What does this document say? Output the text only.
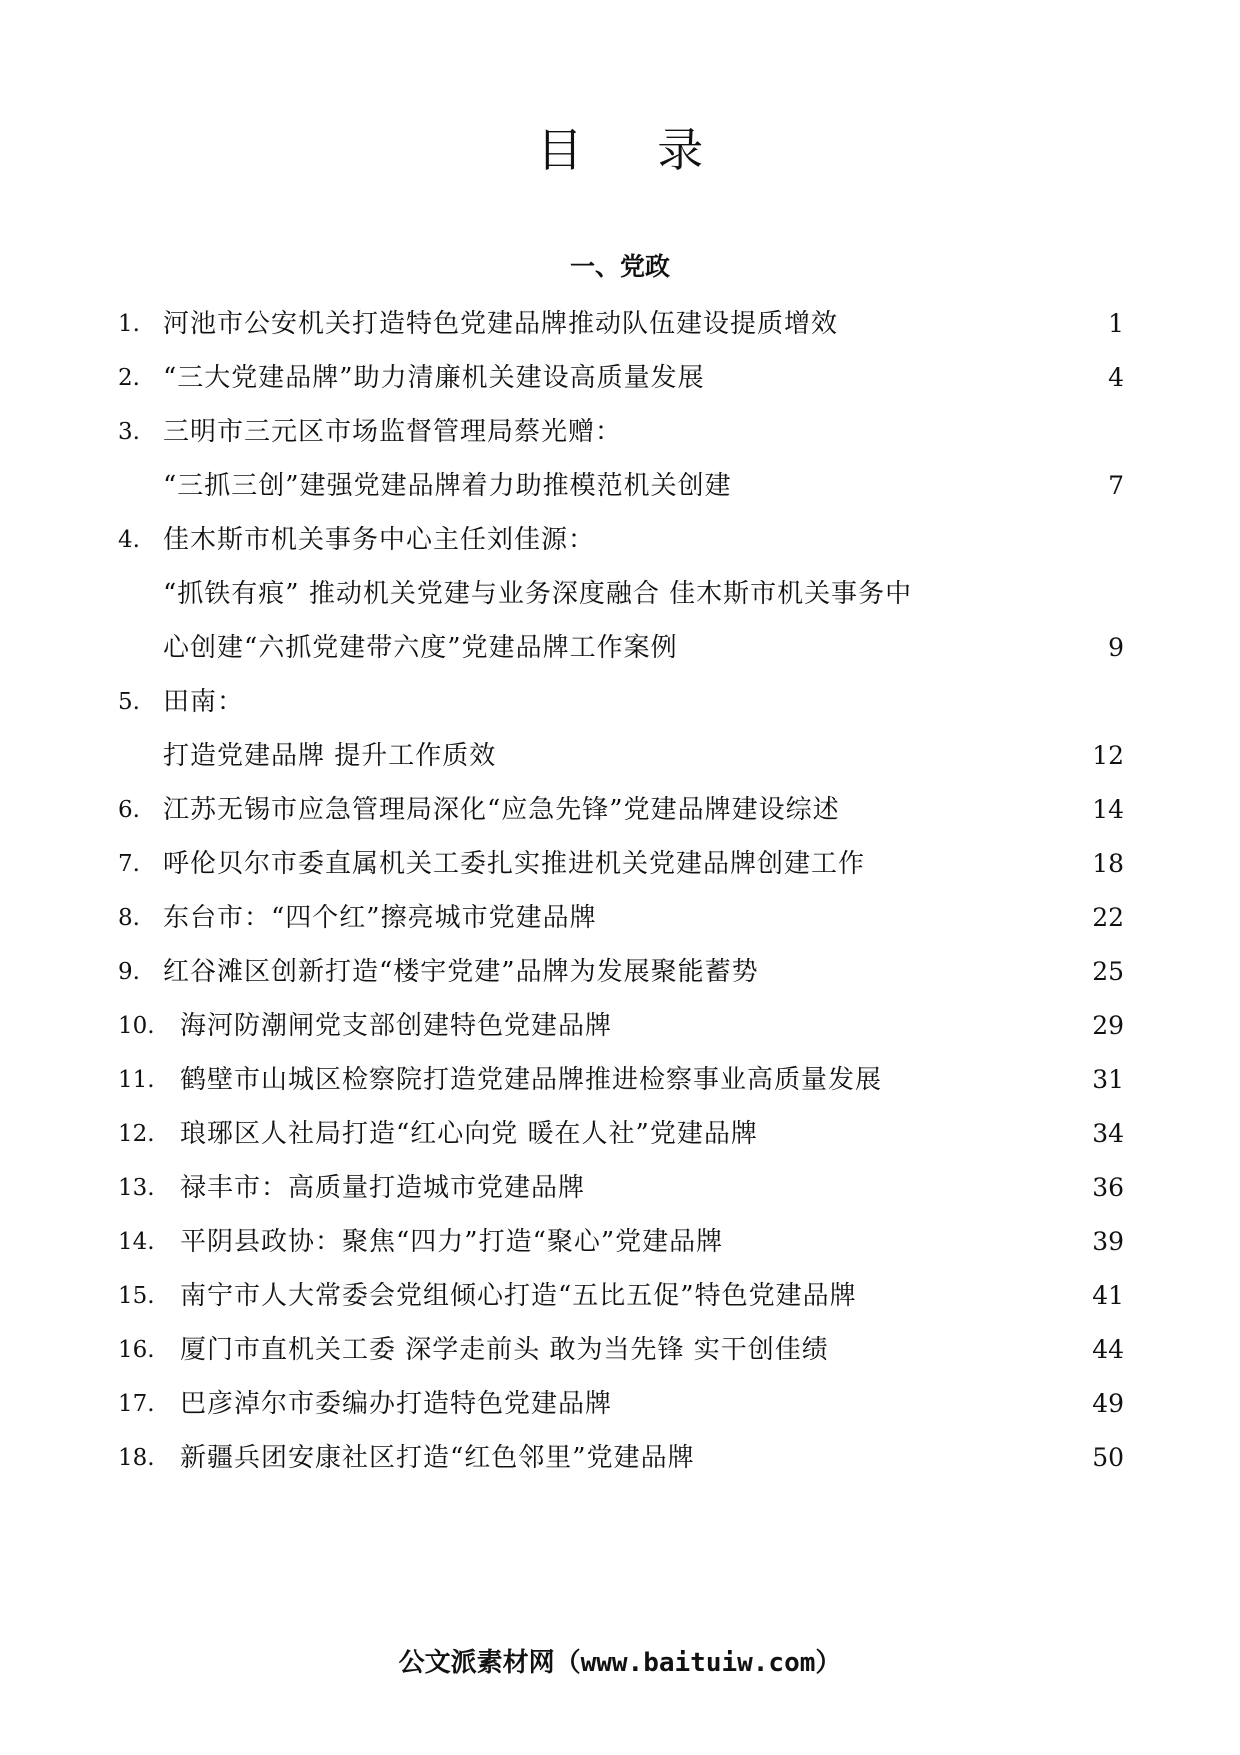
目 录
一、党政
1. 河池市公安机关打造特色党建品牌推动队伍建设提质增效	1
2. “三大党建品牌”助力清廉机关建设高质量发展	4
3. 三明市三元区市场监督管理局蔡光赠：
“三抓三创”建强党建品牌着力助推模范机关创建	7
4. 佳木斯市机关事务中心主任刘佳源：
“抓铁有痕” 推动机关党建与业务深度融合 佳木斯市机关事务中
心创建“六抓党建带六度”党建品牌工作案例	9
5. 田南：
打造党建品牌 提升工作质效	12
6. 江苏无锡市应急管理局深化“应急先锋”党建品牌建设综述	14
7. 呼伦贝尔市委直属机关工委扎实推进机关党建品牌创建工作	18
8. 东台市：“四个红”擦亮城市党建品牌	22
9. 红谷滩区创新打造“楼宇党建”品牌为发展聚能蓄势	25
10. 海河防潮闸党支部创建特色党建品牌	29
11. 鹤壁市山城区检察院打造党建品牌推进检察事业高质量发展	31
12. 琅琊区人社局打造“红心向党 暖在人社”党建品牌	34
13. 禄丰市：高质量打造城市党建品牌	36
14. 平阴县政协：聚焦“四力”打造“聚心”党建品牌	39
15. 南宁市人大常委会党组倾心打造“五比五促”特色党建品牌	41
16. 厦门市直机关工委 深学走前头 敢为当先锋 实干创佳绩	44
17. 巴彦淖尔市委编办打造特色党建品牌	49
18. 新疆兵团安康社区打造“红色邻里”党建品牌	50
公文派素材网（www.baituiw.com）
